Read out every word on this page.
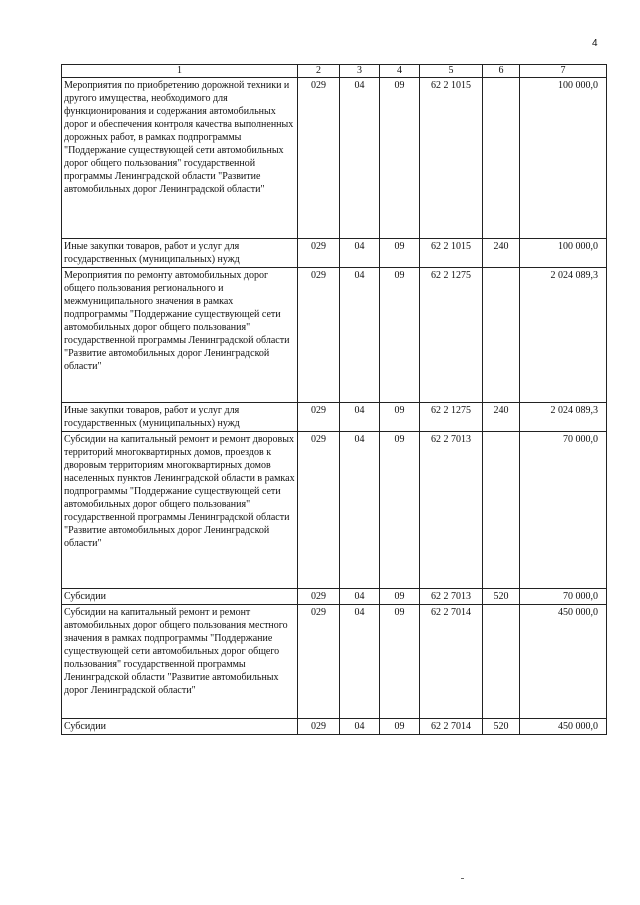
4
1	2	3	4	5	6	7
Мероприятия по приобретению дорожной техники и другого имущества, необходимого для функционирования и содержания автомобильных дорог и обеспечения контроля качества выполненных дорожных работ, в рамках подпрограммы "Поддержание существующей сети автомобильных дорог общего пользования" государственной программы Ленинградской области "Развитие автомобильных дорог Ленинградской области"	029	04	09	62 2 1015		100 000,0
Иные закупки товаров, работ и услуг для государственных (муниципальных) нужд	029	04	09	62 2 1015	240	100 000,0
Мероприятия по ремонту автомобильных дорог общего пользования регионального и межмуниципального значения в рамках подпрограммы "Поддержание существующей сети автомобильных дорог общего пользования" государственной программы Ленинградской области "Развитие автомобильных дорог Ленинградской области"	029	04	09	62 2 1275		2 024 089,3
Иные закупки товаров, работ и услуг для государственных (муниципальных) нужд	029	04	09	62 2 1275	240	2 024 089,3
Субсидии на капитальный ремонт и ремонт дворовых территорий многоквартирных домов, проездов к дворовым территориям многоквартирных домов населенных пунктов Ленинградской области в рамках подпрограммы "Поддержание существующей сети автомобильных дорог общего пользования" государственной программы Ленинградской области "Развитие автомобильных дорог Ленинградской области"	029	04	09	62 2 7013		70 000,0
Субсидии	029	04	09	62 2 7013	520	70 000,0
Субсидии на капитальный ремонт и ремонт автомобильных дорог общего пользования местного значения в рамках подпрограммы "Поддержание существующей сети автомобильных дорог общего пользования" государственной программы Ленинградской области "Развитие автомобильных дорог Ленинградской области"	029	04	09	62 2 7014		450 000,0
Субсидии	029	04	09	62 2 7014	520	450 000,0
